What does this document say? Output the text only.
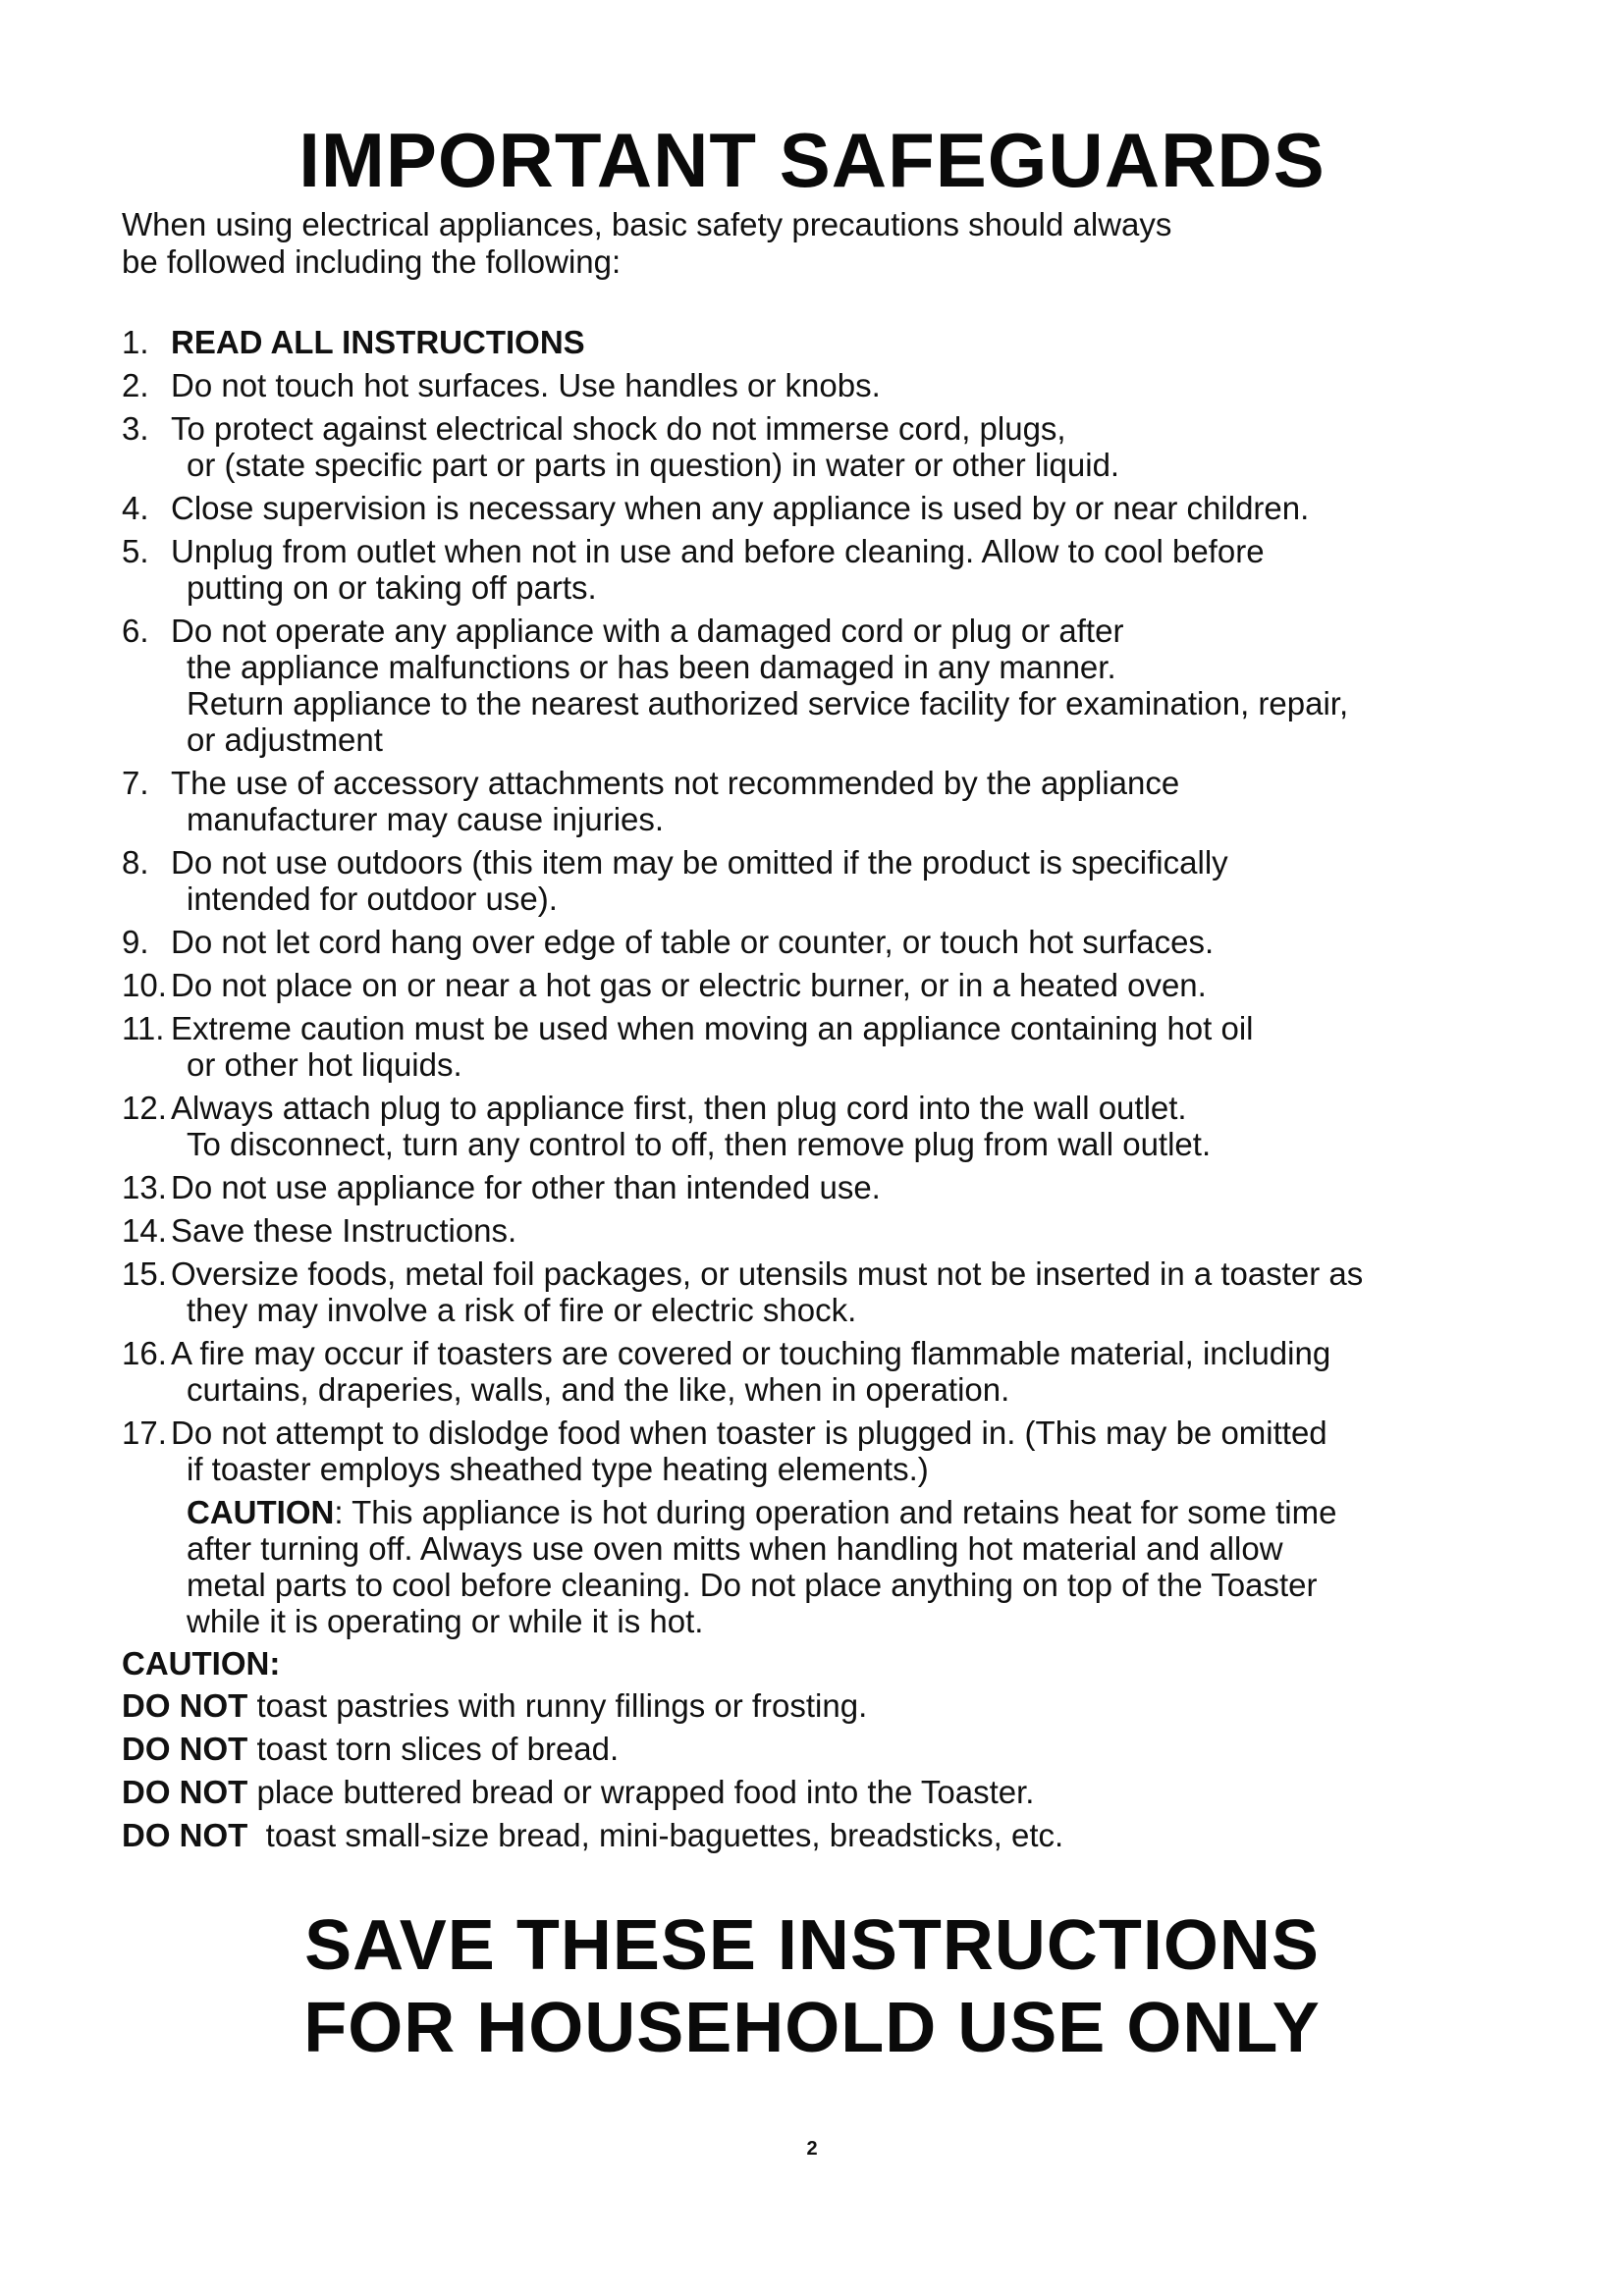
IMPORTANT SAFEGUARDS
When using electrical appliances, basic safety precautions should always
be followed including the following:
1. READ ALL INSTRUCTIONS
2. Do not touch hot surfaces. Use handles or knobs.
3. To protect against electrical shock do not immerse cord, plugs,
or (state specific part or parts in question) in water or other liquid.
4. Close supervision is necessary when any appliance is used by or near children.
5. Unplug from outlet when not in use and before cleaning. Allow to cool before
putting on or taking off parts.
6. Do not operate any appliance with a damaged cord or plug or after
the appliance malfunctions or has been damaged in any manner.
Return appliance to the nearest authorized service facility for examination, repair,
or adjustment
7. The use of accessory attachments not recommended by the appliance
manufacturer may cause injuries.
8. Do not use outdoors (this item may be omitted if the product is specifically
intended for outdoor use).
9. Do not let cord hang over edge of table or counter, or touch hot surfaces.
10. Do not place on or near a hot gas or electric burner, or in a heated oven.
11. Extreme caution must be used when moving an appliance containing hot oil
or other hot liquids.
12. Always attach plug to appliance first, then plug cord into the wall outlet.
To disconnect, turn any control to off, then remove plug from wall outlet.
13. Do not use appliance for other than intended use.
14. Save these Instructions.
15. Oversize foods, metal foil packages, or utensils must not be inserted in a toaster as
they may involve a risk of fire or electric shock.
16. A fire may occur if toasters are covered or touching flammable material, including
curtains, draperies, walls, and the like, when in operation.
17. Do not attempt to dislodge food when toaster is plugged in. (This may be omitted
if toaster employs sheathed type heating elements.)
CAUTION: This appliance is hot during operation and retains heat for some time
after turning off. Always use oven mitts when handling hot material and allow
metal parts to cool before cleaning. Do not place anything on top of the Toaster
while it is operating or while it is hot.
CAUTION:
DO NOT toast pastries with runny fillings or frosting.
DO NOT toast torn slices of bread.
DO NOT place buttered bread or wrapped food into the Toaster.
DO NOT  toast small-size bread, mini-baguettes, breadsticks, etc.
SAVE THESE INSTRUCTIONS
FOR HOUSEHOLD USE ONLY
2
